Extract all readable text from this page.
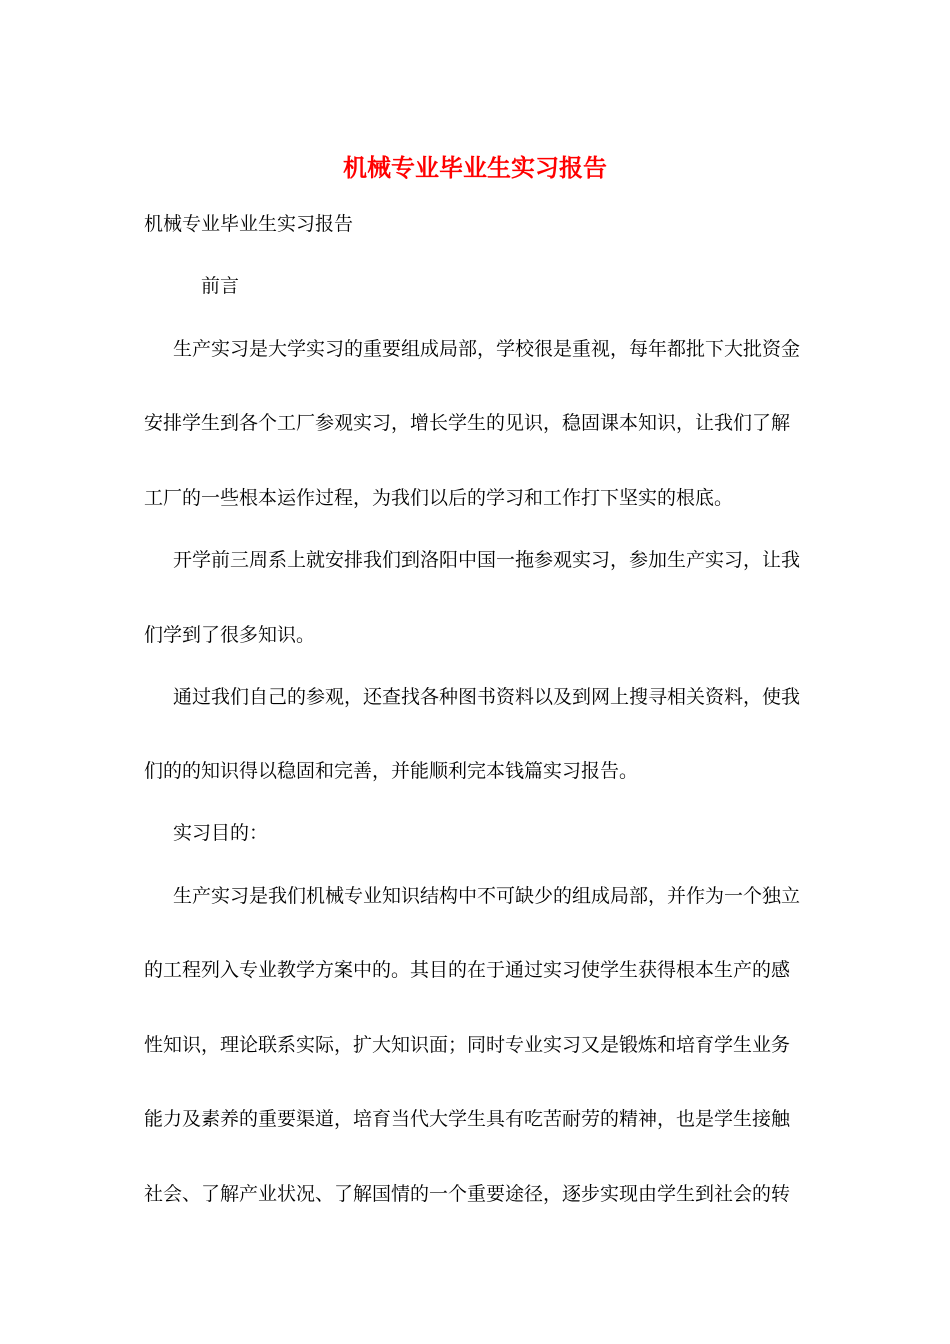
机械专业毕业生实习报告
机械专业毕业生实习报告
前言
生产实习是大学实习的重要组成局部，学校很是重视，每年都批下大批资金
安排学生到各个工厂参观实习，增长学生的见识，稳固课本知识，让我们了解
工厂的一些根本运作过程，为我们以后的学习和工作打下坚实的根底。
开学前三周系上就安排我们到洛阳中国一拖参观实习，参加生产实习，让我
们学到了很多知识。
通过我们自己的参观，还查找各种图书资料以及到网上搜寻相关资料，使我
们的的知识得以稳固和完善，并能顺利完本钱篇实习报告。
实习目的：
生产实习是我们机械专业知识结构中不可缺少的组成局部，并作为一个独立
的工程列入专业教学方案中的。其目的在于通过实习使学生获得根本生产的感
性知识，理论联系实际，扩大知识面；同时专业实习又是锻炼和培育学生业务
能力及素养的重要渠道，培育当代大学生具有吃苦耐劳的精神，也是学生接触
社会、了解产业状况、了解国情的一个重要途径，逐步实现由学生到社会的转
